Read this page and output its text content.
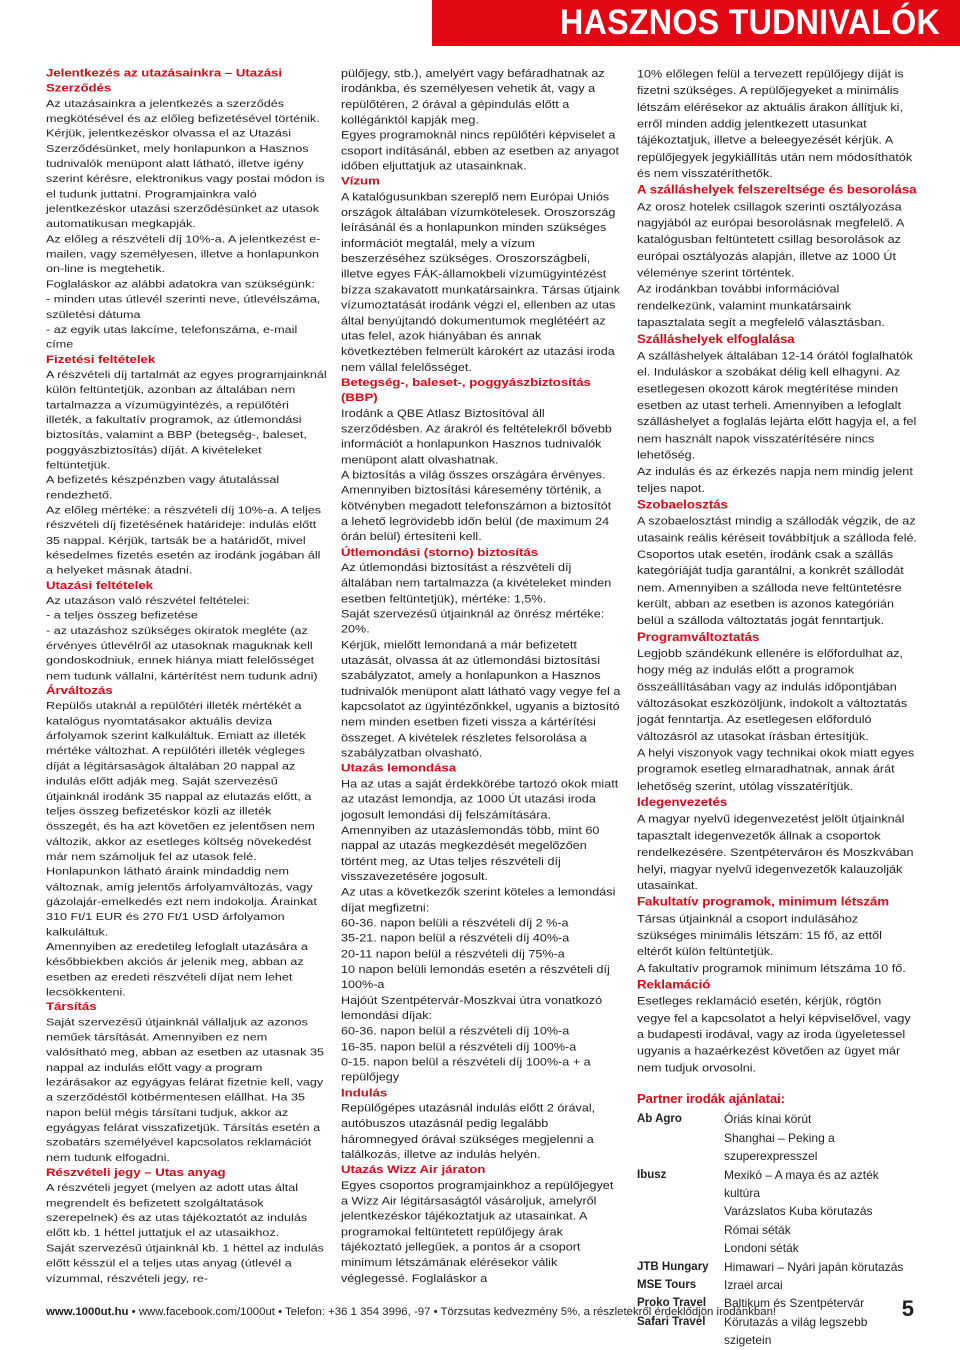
HASZNOS TUDNIVALÓK

Jelentkezés az utazásainkra – Utazási Szerződés

Az utazásainkra a jelentkezés a szerződés megkötésével és az előleg befizetésével történik. Kérjük, jelentkezéskor olvassa el az Utazási Szerződésünket, mely honlapunkon a Hasznos tudnivalók menüpont alatt látható, illetve igény szerint kérésre, elektronikus vagy postai módon is el tudunk juttatni. Programjainkra való jelentkezéskor utazási szerződésünket az utasok automatikusan megkapják.

Az előleg a részvételi díj 10%-a. A jelentkezést e-mailen, vagy személyesen, illetve a honlapunkon on-line is megtehetik.

Foglaláskor az alábbi adatokra van szükségünk:

- minden utas útlevél szerinti neve, útlevélszáma, születési dátuma

- az egyik utas lakcíme, telefonszáma, e-mail címe

Fizetési feltételek

A részvételi díj tartalmát az egyes programjainknál külön feltüntetjük, azonban az általában nem tartalmazza a vízumügyintézés, a repülőtéri illeték, a fakultatív programok, az útlemondási biztosítás, valamint a BBP (betegség-, baleset, poggyászbiztosítás) díját. A kivételeket feltüntetjük.

A befizetés készpénzben vagy átutalással rendezhető.

Az előleg mértéke: a részvételi díj 10%-a. A teljes részvételi díj fizetésének határideje: indulás előtt 35 nappal. Kérjük, tartsák be a határidőt, mivel késedelmes fizetés esetén az irodánk jogában áll a helyeket másnak átadni.

Utazási feltételek

Az utazáson való részvétel feltételei:

- a teljes összeg befizetése

- az utazáshoz szükséges okiratok megléte (az érvényes útlevélről az utasoknak maguknak kell gondoskodniuk, ennek hiánya miatt felelősséget nem tudunk vállalni, kártérítést nem tudunk adni)

Árváltozás

Repülős utaknál a repülőtéri illeték mértékét a katalógus nyomtatásakor aktuális deviza árfolyamok szerint kalkuláltuk. Emiatt az illeték mértéke változhat. A repülőtéri illeték végleges díját a légitársaságok általában 20 nappal az indulás előtt adják meg. Saját szervezésű útjainknál irodánk 35 nappal az elutazás előtt, a teljes összeg befizetéskor közli az illeték összegét, és ha azt követően ez jelentősen nem változik, akkor az esetleges költség növekedést már nem számoljuk fel az utasok felé.

Honlapunkon látható áraink mindaddig nem változnak, amíg jelentős árfolyamváltozás, vagy gázolajár-emelkedés ezt nem indokolja. Árainkat 310 Ft/1 EUR és 270 Ft/1 USD árfolyamon kalkuláltuk.

Amennyiben az eredetileg lefoglalt utazására a későbbiekben akciós ár jelenik meg, abban az esetben az eredeti részvételi díjat nem lehet lecsökkenteni.

Társítás

Saját szervezésű útjainknál vállaljuk az azonos neműek társítását. Amennyiben ez nem valósítható meg, abban az esetben az utasnak 35 nappal az indulás előtt vagy a program lezárásakor az egyágyas felárat fizetnie kell, vagy a szerződéstől kötbérmentesen elállhat. Ha 35 napon belül mégis társítani tudjuk, akkor az egyágyas felárat visszafizetjük. Társítás esetén a szobatárs személyével kapcsolatos reklamációt nem tudunk elfogadni.

Részvételi jegy – Utas anyag

A részvételi jegyet (melyen az adott utas által megrendelt és befizetett szolgáltatások szerepelnek) és az utas tájékoztatót az indulás előtt kb. 1 héttel juttatjuk el az utasaikhoz.

Saját szervezésű útjainknál kb. 1 héttel az indulás előtt késszül el a teljes utas anyag (útlevél a vízummal, részvételi jegy, re-

pülőjegy, stb.), amelyért vagy befáradhatnak az irodánkba, és személyesen vehetik át, vagy a repülőtéren, 2 órával a gépindulás előtt a kollégánktól kapják meg.

Egyes programoknál nincs repülőtéri képviselet a csoport indításánál, ebben az esetben az anyagot időben eljuttatjuk az utasainknak.

Vízum

A katalógusunkban szereplő nem Európai Uniós országok általában vízumkötelesek. Oroszország leírásánál és a honlapunkon minden szükséges információt megtalál, mely a vízum beszerzéséhez szükséges. Oroszországbeli, illetve egyes FÁK-államokbeli vízumügyintézést bízza szakavatott munkatársainkra. Társas útjaink vízumoztatását irodánk végzi el, ellenben az utas által benyújtandó dokumentumok meglétéért az utas felel, azok hiányában és annak következtében felmerült károkért az utazási iroda nem vállal felelősséget.

Betegség-, baleset-, poggyászbiztosítás (BBP)

Irodánk a QBE Atlasz Biztosítóval áll szerződésben. Az árakról és feltételekről bővebb információt a honlapunkon Hasznos tudnivalók menüpont alatt olvashatnak.

A biztosítás a világ összes országára érvényes.

Amennyiben biztosítási káresemény történik, a kötvényben megadott telefonszámon a biztosítót a lehető legrövidebb időn belül (de maximum 24 órán belül) értesíteni kell.

Útlemondási (storno) biztosítás

Az útlemondási biztosítást a részvételi díj általában nem tartalmazza (a kivételeket minden esetben feltüntetjük), mértéke: 1,5%.

Saját szervezésű útjainknál az önrész mértéke: 20%.

Kérjük, mielőtt lemondaná a már befizetett utazását, olvassa át az útlemondási biztosítási szabályzatot, amely a honlapunkon a Hasznos tudnivalók menüpont alatt látható vagy vegye fel a kapcsolatot az ügyintézőnkkel, ugyanis a biztosító nem minden esetben fizeti vissza a kártérítési összeget. A kivételek részletes felsorolása a szabályzatban olvasható.

Utazás lemondása

Ha az utas a saját érdekkörébe tartozó okok miatt az utazást lemondja, az 1000 Út utazási iroda jogosult lemondási díj felszámítására. Amennyiben az utazáslemondás több, mint 60 nappal az utazás megkezdését megelőzően történt meg, az Utas teljes részvételi díj visszavezetésére jogosult.

Az utas a következők szerint köteles a lemondási díjat megfizetni:

60-36. napon belüli a részvételi díj 2 %-a

35-21. napon belül a részvételi díj 40%-a

20-11 napon belül a részvételi díj 75%-a

10 napon belüli lemondás esetén a részvételi díj 100%-a

Hajóút Szentpétervár-Moszkvai útra vonatkozó lemondási díjak:

60-36. napon belül a részvételi díj 10%-a

16-35. napon belül a részvételi díj 100%-a

0-15. napon belül a részvételi díj 100%-a + a repülőjegy

Indulás

Repülőgépes utazásnál indulás előtt 2 órával, autóbuszos utazásnál pedig legalább háromnegyed órával szükséges megjelenni a találkozás, illetve az indulás helyén.

Utazás Wizz Air járaton

Egyes csoportos programjainkhoz a repülőjegyet a Wizz Air légitársaságtól vásároljuk, amelyről jelentkezéskor tájékoztatjuk az utasainkat. A programokal feltüntetett repülőjegy árak tájékoztató jellegűek, a pontos ár a csoport minimum létszámának elérésekor válik véglegessé. Foglaláskor a

10% előlegen felül a tervezett repülőjegy díját is fizetni szükséges. A repülőjegyeket a minimális létszám elérésekor az aktuális árakon állítjuk ki, erről minden addig jelentkezett utasunkat tájékoztatjuk, illetve a beleegyezését kérjük. A repülőjegyek jegykiállítás után nem módosíthatók és nem visszatéríthetők.

A szálláshelyek felszereltsége és besorolása

Az orosz hotelek csillagok szerinti osztályozása nagyjából az európai besorolásnak megfelelő. A katalógusban feltüntetett csillag besorolások az európai osztályozás alapján, illetve az 1000 Út véleménye szerint történtek.

Az irodánkban további információval rendelkezünk, valamint munkatársaink tapasztalata segít a megfelelő választásban.

Szálláshelyek elfoglalása

A szálláshelyek általában 12-14 órától foglalhatók el. Induláskor a szobákat délig kell elhagyni. Az esetlegesen okozott károk megtérítése minden esetben az utast terheli. Amennyiben a lefoglalt szálláshelyet a foglalás lejárta előtt hagyja el, a fel nem használt napok visszatérítésére nincs lehetőség.

Az indulás és az érkezés napja nem mindig jelent teljes napot.

Szobaelosztás

A szobaelosztást mindig a szállodák végzik, de az utasaink reális kéréseit továbbítjuk a szálloda felé. Csoportos utak esetén, irodánk csak a szállás kategóriáját tudja garantálni, a konkrét szállodát nem. Amennyiben a szálloda neve feltüntetésre került, abban az esetben is azonos kategórián belül a szálloda változtatás jogát fenntartjuk.

Programváltoztatás

Legjobb szándékunk ellenére is előfordulhat az, hogy még az indulás előtt a programok összeállításában vagy az indulás időpontjában változásokat eszközöljünk, indokolt a változtatás jogát fenntartja. Az esetlegesen előforduló változásról az utasokat írásban értesítjük.

A helyi viszonyok vagy technikai okok miatt egyes programok esetleg elmaradhatnak, annak árát lehetőség szerint, utólag visszatérítjük.

Idegenvezetés

A magyar nyelvű idegenvezetést jelölt útjainknál tapasztalt idegenvezetők állnak a csoportok rendelkezésére. Szentpétervárон és Moszkvában helyi, magyar nyelvű idegenvezetők kalauzolják utasainkat.

Fakultatív programok, minimum létszám

Társas útjainknál a csoport indulásához szükséges minimális létszám: 15 fő, az ettől eltérőt külön feltüntetjük.

A fakultatív programok minimum létszáma 10 fő.

Reklamáció

Esetleges reklamáció esetén, kérjük, rögtön vegye fel a kapcsolatot a helyi képviselővel, vagy a budapesti irodával, vagy az iroda ügyeletessel ugyanis a hazaérkezést követően az ügyet már nem tudjuk orvosolni.

Partner irodák ajánlatai:
Ab Agro	Óriás kínai körút
Shanghai – Peking a szuperexpresszel
Ibusz	Mexikó – A maya és az azték kultúra
Varázslatos Kuba körutazás
Római séták
Londoni séták
JTB Hungary	Himawari – Nyári japán körutazás
MSE Tours	Izrael arcai
Proko Travel	Baltikum és Szentpétervár
Safari Travel	Körutazás a világ legszebb szigetein
www.1000ut.hu • www.facebook.com/1000ut • Telefon: +36 1 354 3996, -97 • Törzsutas kedvezmény 5%, a részletekről érdeklődjön irodánkban!	5
